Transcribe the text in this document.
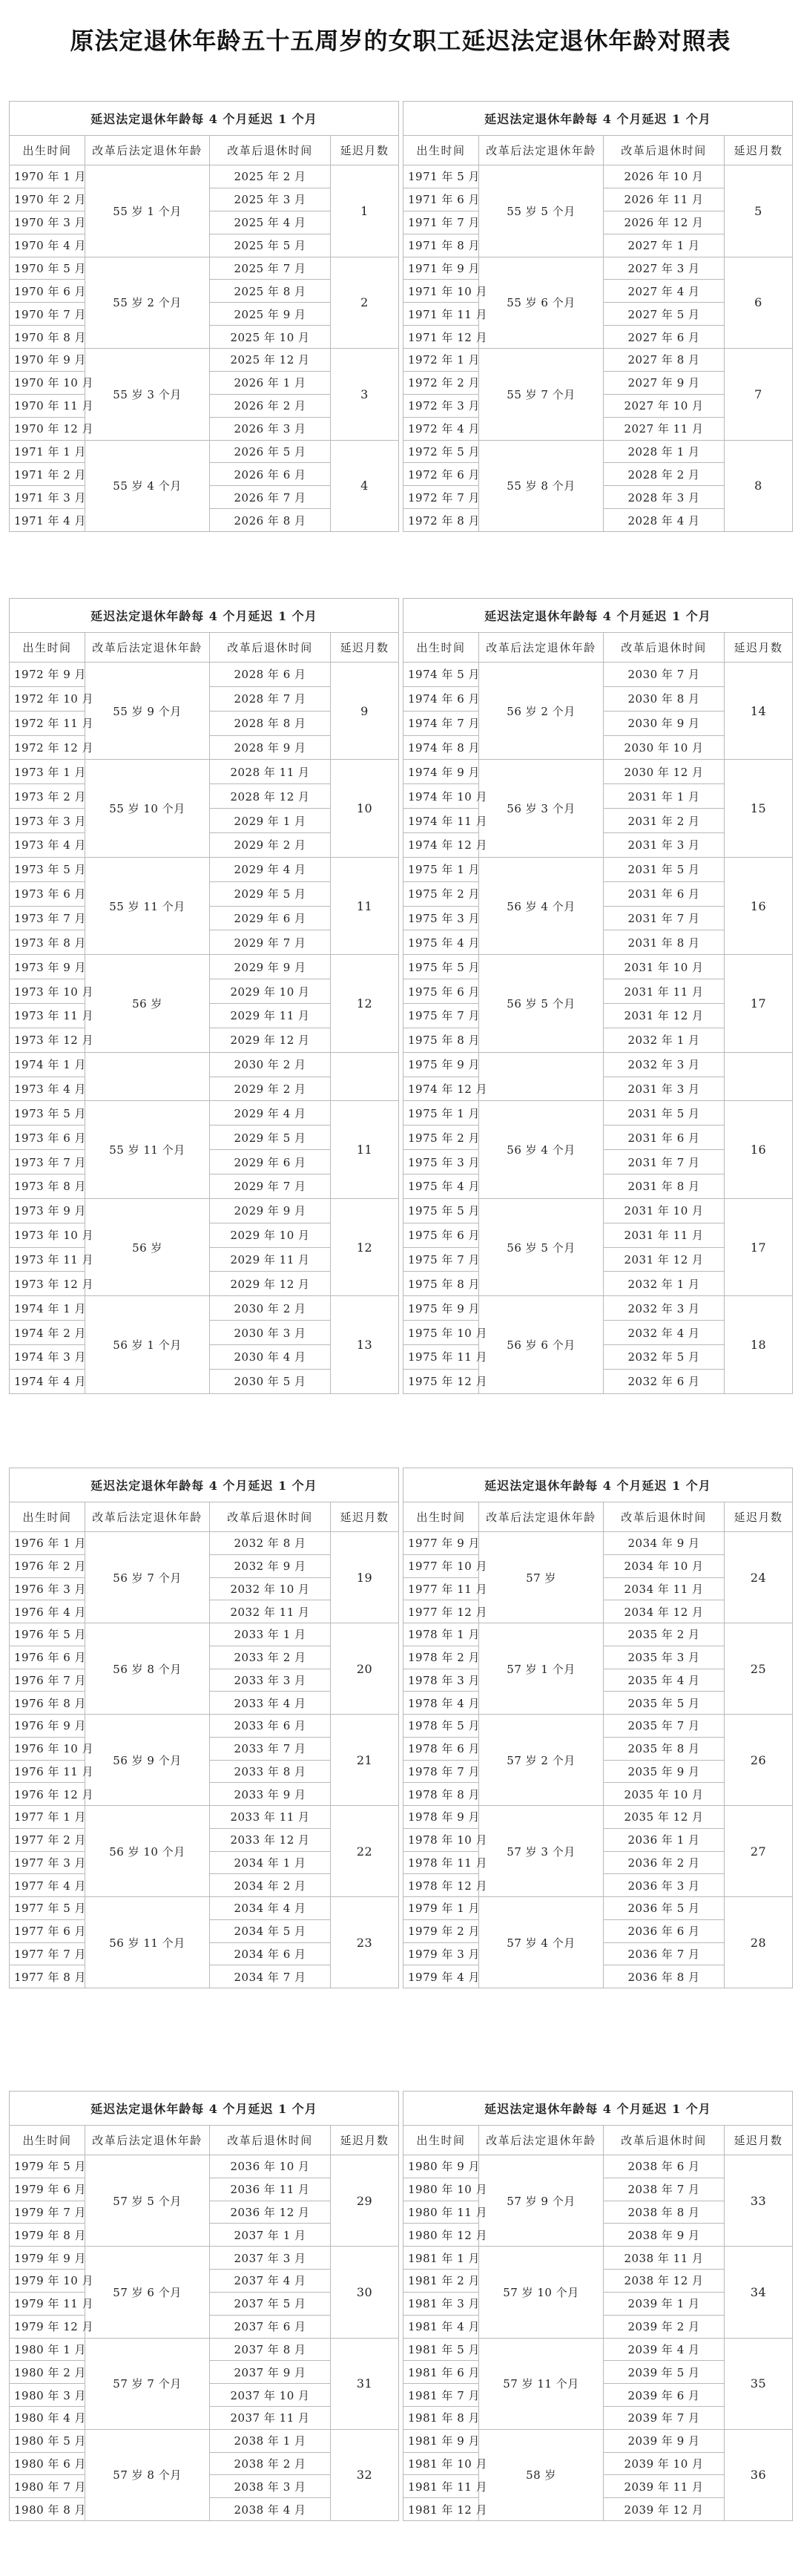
原法定退休年龄五十五周岁的女职工延迟法定退休年龄对照表
延迟法定退休年龄每 4 个月延迟 1 个月			
出生时间	改革后法定退休年龄	改革后退休时间	延迟月数
1970 年 1 月	55 岁 1 个月	2025 年 2 月	1
1970 年 2 月		2025 年 3 月	
1970 年 3 月		2025 年 4 月	
1970 年 4 月		2025 年 5 月	
1970 年 5 月	55 岁 2 个月	2025 年 7 月	2
1970 年 6 月		2025 年 8 月	
1970 年 7 月		2025 年 9 月	
1970 年 8 月		2025 年 10 月	
1970 年 9 月	55 岁 3 个月	2025 年 12 月	3
1970 年 10 月		2026 年 1 月	
1970 年 11 月		2026 年 2 月	
1970 年 12 月		2026 年 3 月	
1971 年 1 月	55 岁 4 个月	2026 年 5 月	4
1971 年 2 月		2026 年 6 月	
1971 年 3 月		2026 年 7 月	
1971 年 4 月		2026 年 8 月	
延迟法定退休年龄每 4 个月延迟 1 个月			
出生时间	改革后法定退休年龄	改革后退休时间	延迟月数
1971 年 5 月	55 岁 5 个月	2026 年 10 月	5
1971 年 6 月		2026 年 11 月	
1971 年 7 月		2026 年 12 月	
1971 年 8 月		2027 年 1 月	
1971 年 9 月	55 岁 6 个月	2027 年 3 月	6
1971 年 10 月		2027 年 4 月	
1971 年 11 月		2027 年 5 月	
1971 年 12 月		2027 年 6 月	
1972 年 1 月	55 岁 7 个月	2027 年 8 月	7
1972 年 2 月		2027 年 9 月	
1972 年 3 月		2027 年 10 月	
1972 年 4 月		2027 年 11 月	
1972 年 5 月	55 岁 8 个月	2028 年 1 月	8
1972 年 6 月		2028 年 2 月	
1972 年 7 月		2028 年 3 月	
1972 年 8 月		2028 年 4 月	
延迟法定退休年龄每 4 个月延迟 1 个月			
出生时间	改革后法定退休年龄	改革后退休时间	延迟月数
1972 年 9 月	55 岁 9 个月	2028 年 6 月	9
1972 年 10 月		2028 年 7 月	
1972 年 11 月		2028 年 8 月	
1972 年 12 月		2028 年 9 月	
1973 年 1 月	55 岁 10 个月	2028 年 11 月	10
1973 年 2 月		2028 年 12 月	
1973 年 3 月		2029 年 1 月	
1973 年 4 月		2029 年 2 月	
1973 年 5 月	55 岁 11 个月	2029 年 4 月	11
1973 年 6 月		2029 年 5 月	
1973 年 7 月		2029 年 6 月	
1973 年 8 月		2029 年 7 月	
1973 年 9 月	56 岁	2029 年 9 月	12
1973 年 10 月		2029 年 10 月	
1973 年 11 月		2029 年 11 月	
1973 年 12 月		2029 年 12 月	
1974 年 1 月		2030 年 2 月	
1973 年 4 月		2029 年 2 月	
1973 年 5 月	55 岁 11 个月	2029 年 4 月	11
1973 年 6 月		2029 年 5 月	
1973 年 7 月		2029 年 6 月	
1973 年 8 月		2029 年 7 月	
1973 年 9 月	56 岁	2029 年 9 月	12
1973 年 10 月		2029 年 10 月	
1973 年 11 月		2029 年 11 月	
1973 年 12 月		2029 年 12 月	
1974 年 1 月	56 岁 1 个月	2030 年 2 月	13
1974 年 2 月		2030 年 3 月	
1974 年 3 月		2030 年 4 月	
1974 年 4 月		2030 年 5 月	
延迟法定退休年龄每 4 个月延迟 1 个月			
出生时间	改革后法定退休年龄	改革后退休时间	延迟月数
1974 年 5 月	56 岁 2 个月	2030 年 7 月	14
1974 年 6 月		2030 年 8 月	
1974 年 7 月		2030 年 9 月	
1974 年 8 月		2030 年 10 月	
1974 年 9 月	56 岁 3 个月	2030 年 12 月	15
1974 年 10 月		2031 年 1 月	
1974 年 11 月		2031 年 2 月	
1974 年 12 月		2031 年 3 月	
1975 年 1 月	56 岁 4 个月	2031 年 5 月	16
1975 年 2 月		2031 年 6 月	
1975 年 3 月		2031 年 7 月	
1975 年 4 月		2031 年 8 月	
1975 年 5 月	56 岁 5 个月	2031 年 10 月	17
1975 年 6 月		2031 年 11 月	
1975 年 7 月		2031 年 12 月	
1975 年 8 月		2032 年 1 月	
1975 年 9 月		2032 年 3 月	
1974 年 12 月		2031 年 3 月	
1975 年 1 月	56 岁 4 个月	2031 年 5 月	16
1975 年 2 月		2031 年 6 月	
1975 年 3 月		2031 年 7 月	
1975 年 4 月		2031 年 8 月	
1975 年 5 月	56 岁 5 个月	2031 年 10 月	17
1975 年 6 月		2031 年 11 月	
1975 年 7 月		2031 年 12 月	
1975 年 8 月		2032 年 1 月	
1975 年 9 月	56 岁 6 个月	2032 年 3 月	18
1975 年 10 月		2032 年 4 月	
1975 年 11 月		2032 年 5 月	
1975 年 12 月		2032 年 6 月	
延迟法定退休年龄每 4 个月延迟 1 个月			
出生时间	改革后法定退休年龄	改革后退休时间	延迟月数
1976 年 1 月	56 岁 7 个月	2032 年 8 月	19
1976 年 2 月		2032 年 9 月	
1976 年 3 月		2032 年 10 月	
1976 年 4 月		2032 年 11 月	
1976 年 5 月	56 岁 8 个月	2033 年 1 月	20
1976 年 6 月		2033 年 2 月	
1976 年 7 月		2033 年 3 月	
1976 年 8 月		2033 年 4 月	
1976 年 9 月	56 岁 9 个月	2033 年 6 月	21
1976 年 10 月		2033 年 7 月	
1976 年 11 月		2033 年 8 月	
1976 年 12 月		2033 年 9 月	
1977 年 1 月	56 岁 10 个月	2033 年 11 月	22
1977 年 2 月		2033 年 12 月	
1977 年 3 月		2034 年 1 月	
1977 年 4 月		2034 年 2 月	
1977 年 5 月	56 岁 11 个月	2034 年 4 月	23
1977 年 6 月		2034 年 5 月	
1977 年 7 月		2034 年 6 月	
1977 年 8 月		2034 年 7 月	
延迟法定退休年龄每 4 个月延迟 1 个月			
出生时间	改革后法定退休年龄	改革后退休时间	延迟月数
1977 年 9 月	57 岁	2034 年 9 月	24
1977 年 10 月		2034 年 10 月	
1977 年 11 月		2034 年 11 月	
1977 年 12 月		2034 年 12 月	
1978 年 1 月	57 岁 1 个月	2035 年 2 月	25
1978 年 2 月		2035 年 3 月	
1978 年 3 月		2035 年 4 月	
1978 年 4 月		2035 年 5 月	
1978 年 5 月	57 岁 2 个月	2035 年 7 月	26
1978 年 6 月		2035 年 8 月	
1978 年 7 月		2035 年 9 月	
1978 年 8 月		2035 年 10 月	
1978 年 9 月	57 岁 3 个月	2035 年 12 月	27
1978 年 10 月		2036 年 1 月	
1978 年 11 月		2036 年 2 月	
1978 年 12 月		2036 年 3 月	
1979 年 1 月	57 岁 4 个月	2036 年 5 月	28
1979 年 2 月		2036 年 6 月	
1979 年 3 月		2036 年 7 月	
1979 年 4 月		2036 年 8 月	
延迟法定退休年龄每 4 个月延迟 1 个月			
出生时间	改革后法定退休年龄	改革后退休时间	延迟月数
1979 年 5 月	57 岁 5 个月	2036 年 10 月	29
1979 年 6 月		2036 年 11 月	
1979 年 7 月		2036 年 12 月	
1979 年 8 月		2037 年 1 月	
1979 年 9 月	57 岁 6 个月	2037 年 3 月	30
1979 年 10 月		2037 年 4 月	
1979 年 11 月		2037 年 5 月	
1979 年 12 月		2037 年 6 月	
1980 年 1 月	57 岁 7 个月	2037 年 8 月	31
1980 年 2 月		2037 年 9 月	
1980 年 3 月		2037 年 10 月	
1980 年 4 月		2037 年 11 月	
1980 年 5 月	57 岁 8 个月	2038 年 1 月	32
1980 年 6 月		2038 年 2 月	
1980 年 7 月		2038 年 3 月	
1980 年 8 月		2038 年 4 月	
延迟法定退休年龄每 4 个月延迟 1 个月			
出生时间	改革后法定退休年龄	改革后退休时间	延迟月数
1980 年 9 月	57 岁 9 个月	2038 年 6 月	33
1980 年 10 月		2038 年 7 月	
1980 年 11 月		2038 年 8 月	
1980 年 12 月		2038 年 9 月	
1981 年 1 月	57 岁 10 个月	2038 年 11 月	34
1981 年 2 月		2038 年 12 月	
1981 年 3 月		2039 年 1 月	
1981 年 4 月		2039 年 2 月	
1981 年 5 月	57 岁 11 个月	2039 年 4 月	35
1981 年 6 月		2039 年 5 月	
1981 年 7 月		2039 年 6 月	
1981 年 8 月		2039 年 7 月	
1981 年 9 月	58 岁	2039 年 9 月	36
1981 年 10 月		2039 年 10 月	
1981 年 11 月		2039 年 11 月	
1981 年 12 月		2039 年 12 月	
